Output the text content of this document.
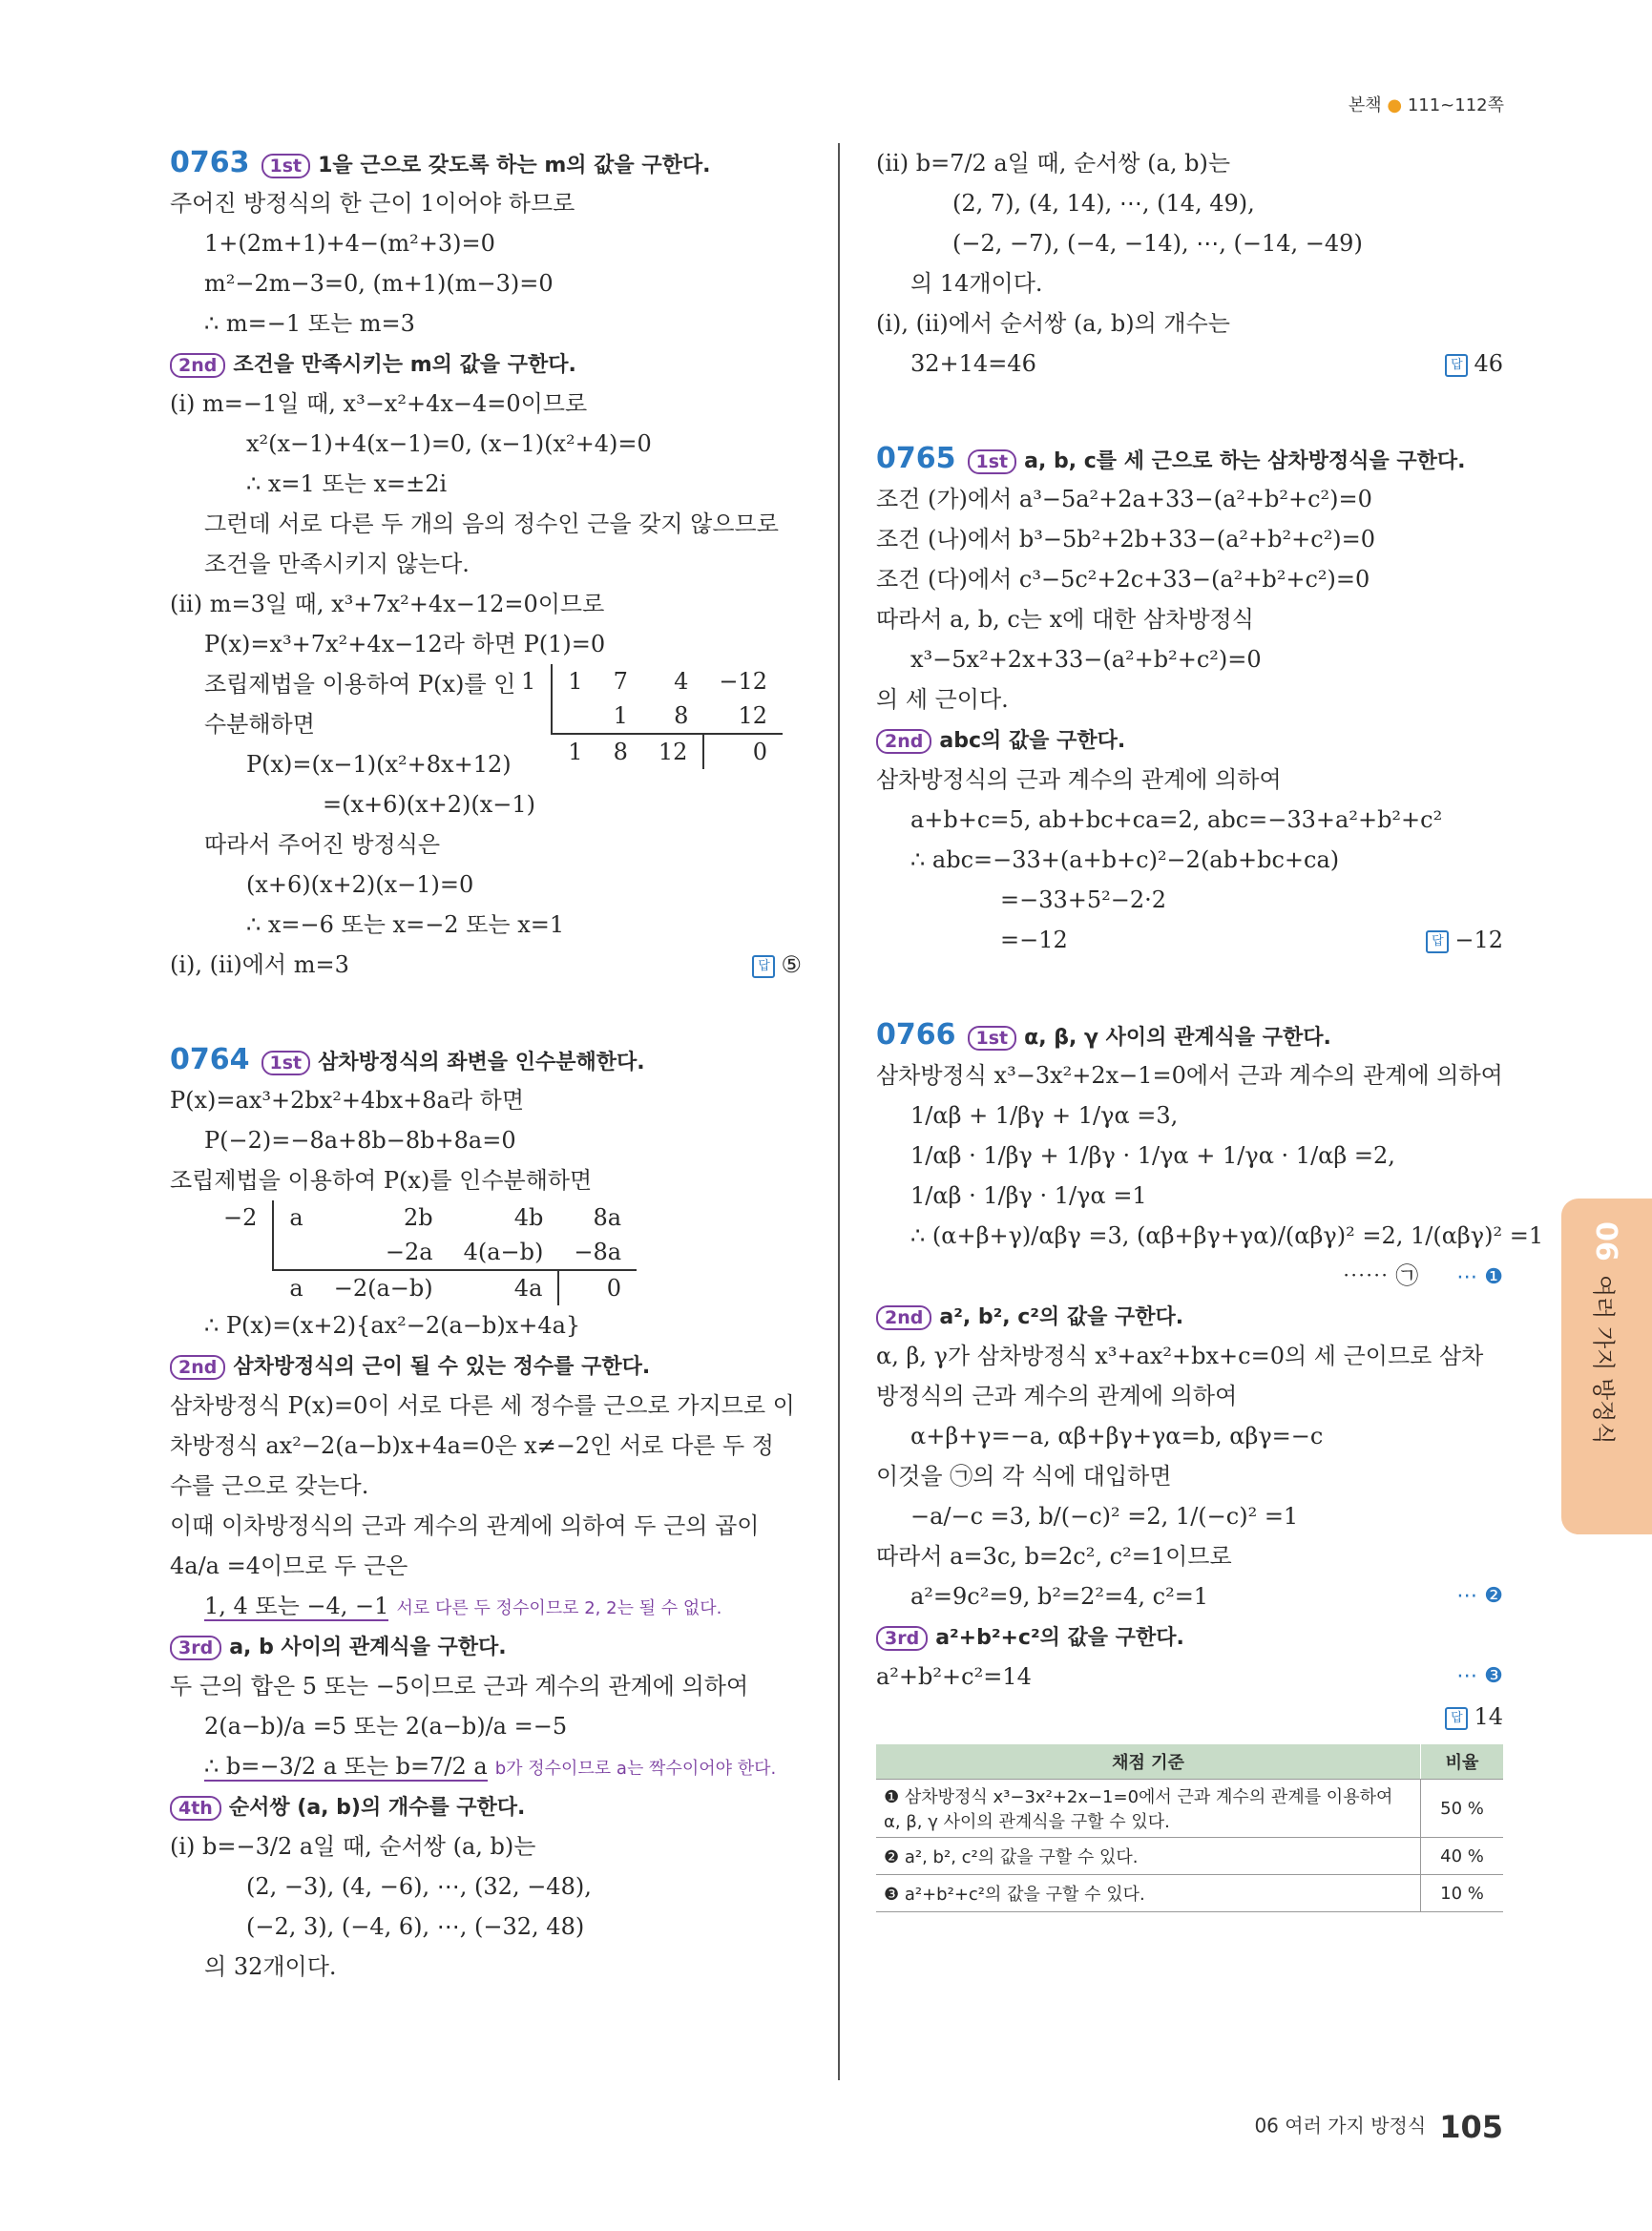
본책 ● 111~112쪽
0763 1st 1을 근으로 갖도록 하는 m의 값을 구한다.
주어진 방정식의 한 근이 1이어야 하므로
1+(2m+1)+4−(m²+3)=0
m²−2m−3=0, (m+1)(m−3)=0
∴ m=−1 또는 m=3
2nd 조건을 만족시키는 m의 값을 구한다.
(i) m=−1일 때, x³−x²+4x−4=0이므로
x²(x−1)+4(x−1)=0, (x−1)(x²+4)=0
∴ x=1 또는 x=±2i
그런데 서로 다른 두 개의 음의 정수인 근을 갖지 않으므로
조건을 만족시키지 않는다.
(ii) m=3일 때, x³+7x²+4x−12=0이므로
P(x)=x³+7x²+4x−12라 하면 P(1)=0
조립제법을 이용하여 P(x)를 인
수분해하면
P(x)=(x−1)(x²+8x+12)
1	1	7	4	−12
		1	8	12
	1	8	12	0
=(x+6)(x+2)(x−1)
따라서 주어진 방정식은
(x+6)(x+2)(x−1)=0
∴ x=−6 또는 x=−2 또는 x=1
(i), (ii)에서 m=3	답 ⑤
0764 1st 삼차방정식의 좌변을 인수분해한다.
P(x)=ax³+2bx²+4bx+8a라 하면
P(−2)=−8a+8b−8b+8a=0
조립제법을 이용하여 P(x)를 인수분해하면
−2	a	2b	4b	8a
		−2a	4(a−b)	−8a
	a	−2(a−b)	4a	0
∴ P(x)=(x+2){ax²−2(a−b)x+4a}
2nd 삼차방정식의 근이 될 수 있는 정수를 구한다.
삼차방정식 P(x)=0이 서로 다른 세 정수를 근으로 가지므로 이
차방정식 ax²−2(a−b)x+4a=0은 x≠−2인 서로 다른 두 정
수를 근으로 갖는다.
이때 이차방정식의 근과 계수의 관계에 의하여 두 근의 곱이
4a/a =4이므로 두 근은
1, 4 또는 −4, −1 서로 다른 두 정수이므로 2, 2는 될 수 없다.
3rd a, b 사이의 관계식을 구한다.
두 근의 합은 5 또는 −5이므로 근과 계수의 관계에 의하여
2(a−b)/a =5 또는 2(a−b)/a =−5
∴ b=−3/2 a 또는 b=7/2 a b가 정수이므로 a는 짝수이어야 한다.
4th 순서쌍 (a, b)의 개수를 구한다.
(i) b=−3/2 a일 때, 순서쌍 (a, b)는
(2, −3), (4, −6), ⋯, (32, −48),
(−2, 3), (−4, 6), ⋯, (−32, 48)
의 32개이다.
(ii) b=7/2 a일 때, 순서쌍 (a, b)는
(2, 7), (4, 14), ⋯, (14, 49),
(−2, −7), (−4, −14), ⋯, (−14, −49)
의 14개이다.
(i), (ii)에서 순서쌍 (a, b)의 개수는
32+14=46	답 46
0765 1st a, b, c를 세 근으로 하는 삼차방정식을 구한다.
조건 (가)에서 a³−5a²+2a+33−(a²+b²+c²)=0
조건 (나)에서 b³−5b²+2b+33−(a²+b²+c²)=0
조건 (다)에서 c³−5c²+2c+33−(a²+b²+c²)=0
따라서 a, b, c는 x에 대한 삼차방정식
x³−5x²+2x+33−(a²+b²+c²)=0
의 세 근이다.
2nd abc의 값을 구한다.
삼차방정식의 근과 계수의 관계에 의하여
a+b+c=5, ab+bc+ca=2, abc=−33+a²+b²+c²
∴ abc=−33+(a+b+c)²−2(ab+bc+ca)
=−33+5²−2·2
=−12	답 −12
0766 1st α, β, γ 사이의 관계식을 구한다.
삼차방정식 x³−3x²+2x−1=0에서 근과 계수의 관계에 의하여
1/αβ + 1/βγ + 1/γα =3,
1/αβ · 1/βγ + 1/βγ · 1/γα + 1/γα · 1/αβ =2,
1/αβ · 1/βγ · 1/γα =1
∴ (α+β+γ)/αβγ =3, (αβ+βγ+γα)/(αβγ)² =2, 1/(αβγ)² =1
⋯⋯ ㉠ ⋯ ❶
2nd a², b², c²의 값을 구한다.
α, β, γ가 삼차방정식 x³+ax²+bx+c=0의 세 근이므로 삼차
방정식의 근과 계수의 관계에 의하여
α+β+γ=−a, αβ+βγ+γα=b, αβγ=−c
이것을 ㉠의 각 식에 대입하면
−a/−c =3, b/(−c)² =2, 1/(−c)² =1
따라서 a=3c, b=2c², c²=1이므로
a²=9c²=9, b²=2²=4, c²=1	⋯ ❷
3rd a²+b²+c²의 값을 구한다.
a²+b²+c²=14	⋯ ❸
답 14
채점 기준	비율
❶ 삼차방정식 x³−3x²+2x−1=0에서 근과 계수의 관계를 이용하여 α, β, γ 사이의 관계식을 구할 수 있다.	50 %
❷ a², b², c²의 값을 구할 수 있다.	40 %
❸ a²+b²+c²의 값을 구할 수 있다.	10 %
06
여러 가지 방정식
06 여러 가지 방정식 105
